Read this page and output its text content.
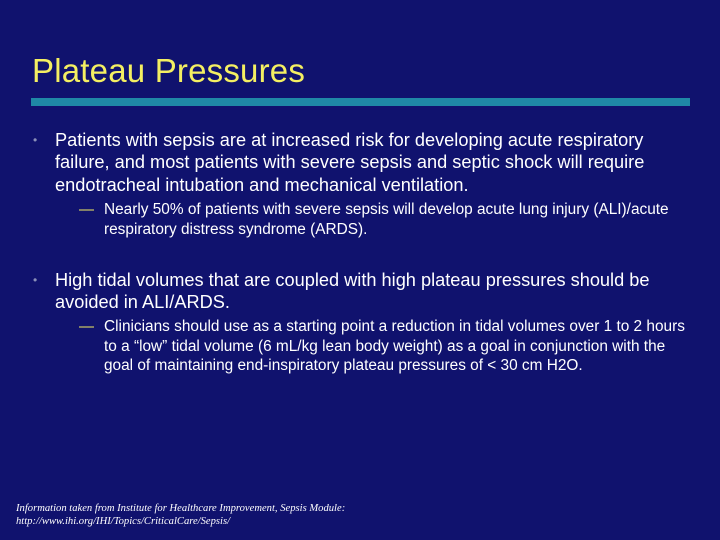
Plateau Pressures
• Patients with sepsis are at increased risk for developing acute respiratory failure, and most patients with severe sepsis and septic shock will require endotracheal intubation and mechanical ventilation.
— Nearly 50% of patients with severe sepsis will develop acute lung injury (ALI)/acute respiratory distress syndrome (ARDS).
• High tidal volumes that are coupled with high plateau pressures should be avoided in ALI/ARDS.
— Clinicians should use as a starting point a reduction in tidal volumes over 1 to 2 hours to a “low” tidal volume (6 mL/kg lean body weight) as a goal in conjunction with the goal of maintaining end-inspiratory plateau pressures of < 30 cm H2O.
Information taken from Institute for Healthcare Improvement, Sepsis Module:
http://www.ihi.org/IHI/Topics/CriticalCare/Sepsis/
